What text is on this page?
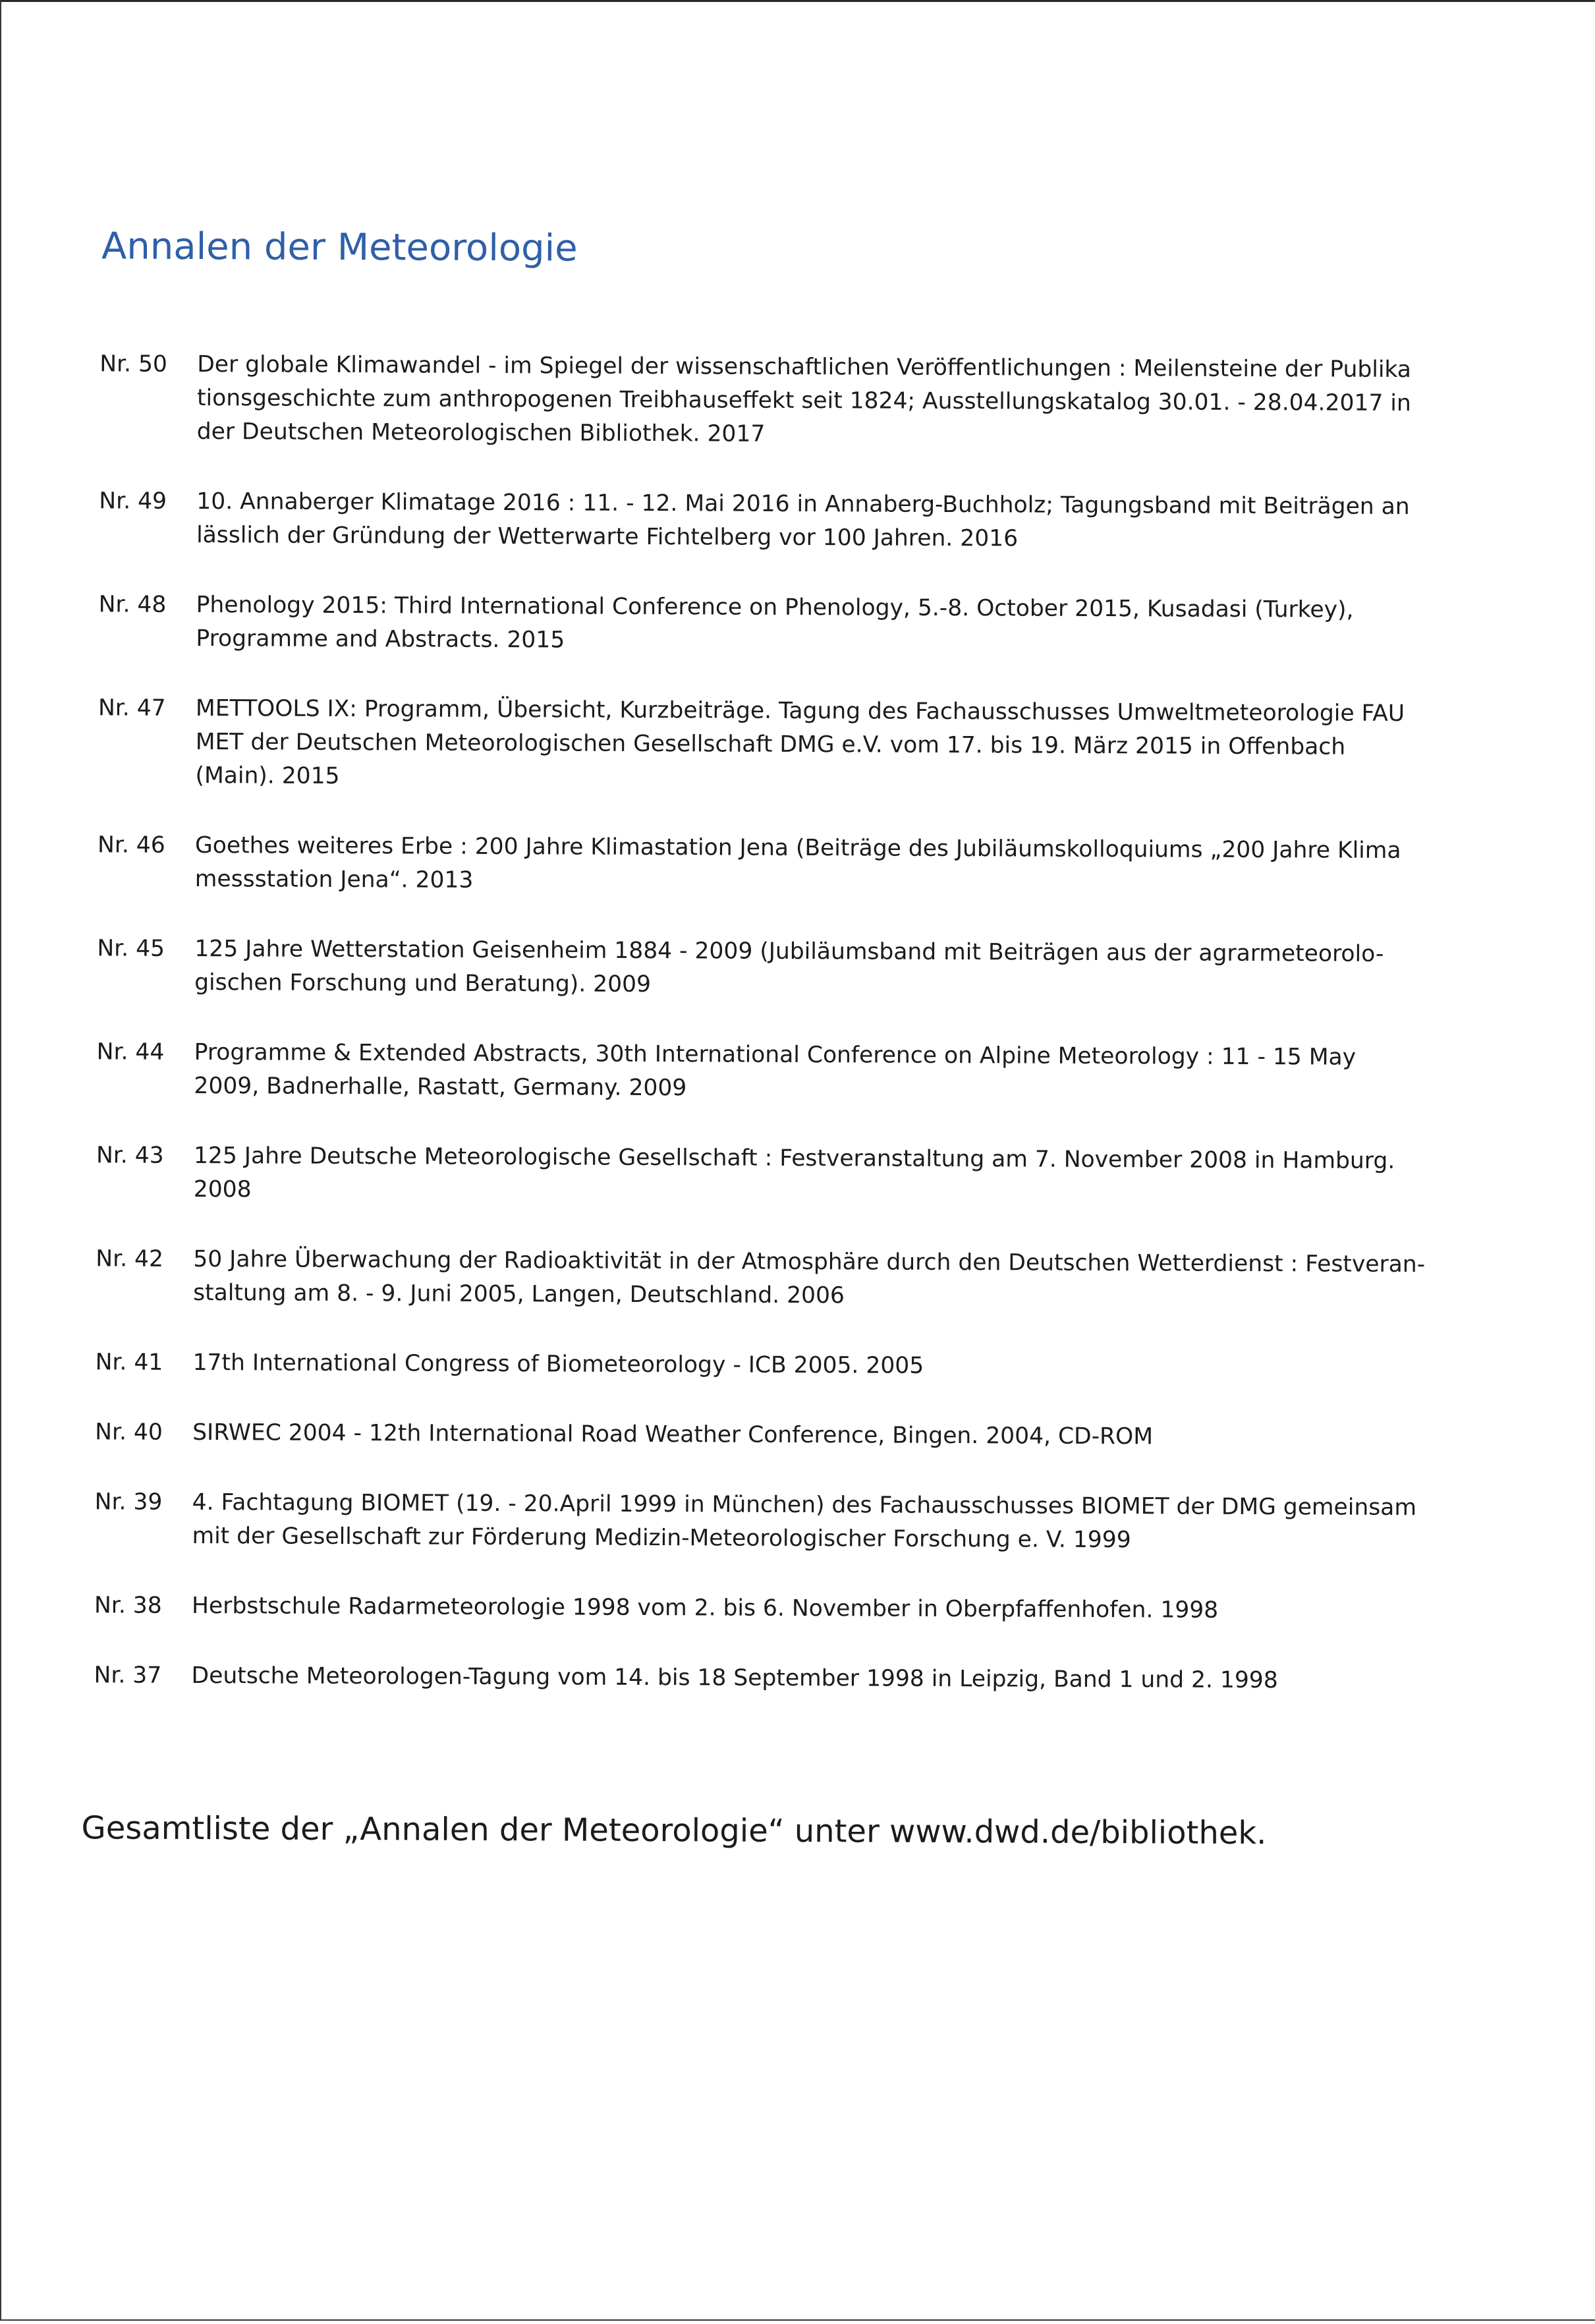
Annalen der Meteorologie
Nr. 50	Der globale Klimawandel - im Spiegel der wissenschaftlichen Veröffentlichungen : Meilensteine der Publika tionsgeschichte zum anthropogenen Treibhauseffekt seit 1824; Ausstellungskatalog 30.01. - 28.04.2017 in der Deutschen Meteorologischen Bibliothek. 2017
Nr. 49	10. Annaberger Klimatage 2016 : 11. - 12. Mai 2016 in Annaberg-Buchholz; Tagungsband mit Beiträgen an lässlich der Gründung der Wetterwarte Fichtelberg vor 100 Jahren. 2016
Nr. 48	Phenology 2015: Third International Conference on Phenology, 5.-8. October 2015, Kusadasi (Turkey), Programme and Abstracts. 2015
Nr. 47	METTOOLS IX: Programm, Übersicht, Kurzbeiträge. Tagung des Fachausschusses Umweltmeteorologie FAU MET der Deutschen Meteorologischen Gesellschaft DMG e.V. vom 17. bis 19. März 2015 in Offenbach (Main). 2015
Nr. 46	Goethes weiteres Erbe : 200 Jahre Klimastation Jena (Beiträge des Jubiläumskolloquiums „200 Jahre Klima messstation Jena“. 2013
Nr. 45	125 Jahre Wetterstation Geisenheim 1884 - 2009 (Jubiläumsband mit Beiträgen aus der agrarmeteorolo- gischen Forschung und Beratung). 2009
Nr. 44	Programme & Extended Abstracts, 30th International Conference on Alpine Meteorology : 11 - 15 May 2009, Badnerhalle, Rastatt, Germany. 2009
Nr. 43	125 Jahre Deutsche Meteorologische Gesellschaft : Festveranstaltung am 7. November 2008 in Hamburg. 2008
Nr. 42	50 Jahre Überwachung der Radioaktivität in der Atmosphäre durch den Deutschen Wetterdienst : Festveran- staltung am 8. - 9. Juni 2005, Langen, Deutschland. 2006
Nr. 41	17th International Congress of Biometeorology - ICB 2005. 2005
Nr. 40	SIRWEC 2004 - 12th International Road Weather Conference, Bingen. 2004, CD-ROM
Nr. 39	4. Fachtagung BIOMET (19. - 20.April 1999 in München) des Fachausschusses BIOMET der DMG gemeinsam mit der Gesellschaft zur Förderung Medizin-Meteorologischer Forschung e. V. 1999
Nr. 38	Herbstschule Radarmeteorologie 1998 vom 2. bis 6. November in Oberpfaffenhofen. 1998
Nr. 37	Deutsche Meteorologen-Tagung vom 14. bis 18 September 1998 in Leipzig, Band 1 und 2. 1998

Gesamtliste der „Annalen der Meteorologie“ unter www.dwd.de/bibliothek.
